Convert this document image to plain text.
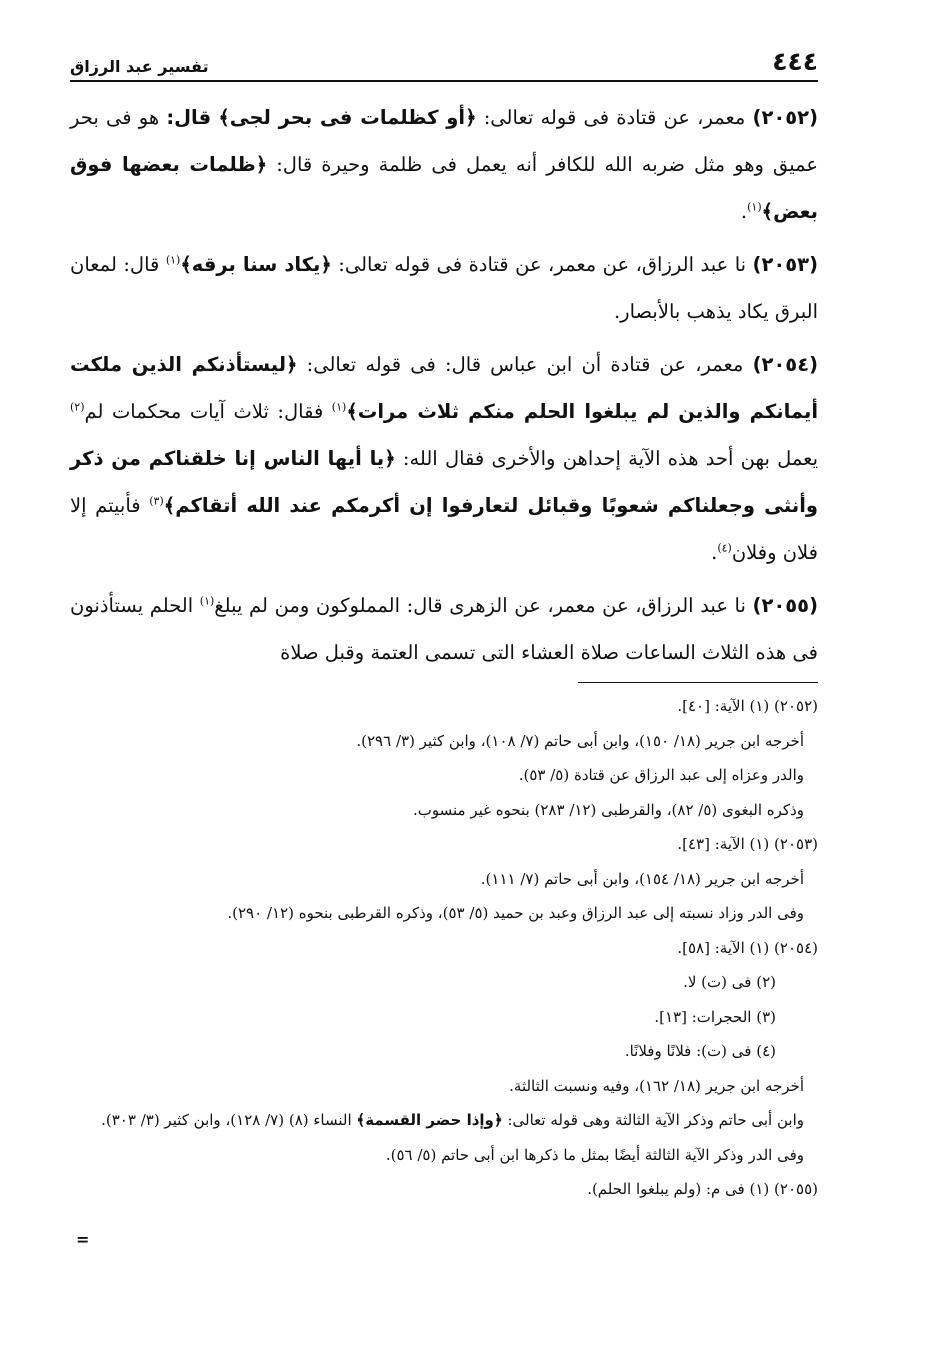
٤٤٤
تفسير عبد الرزاق

(٢٠٥٢) معمر، عن قتادة فى قوله تعالى: ﴿أو كظلمات فى بحر لجى﴾ قال: هو فى بحر عميق وهو مثل ضربه الله للكافر أنه يعمل فى ظلمة وحيرة قال: ﴿ظلمات بعضها فوق بعض﴾$^{(١)}$.

(٢٠٥٣) نا عبد الرزاق، عن معمر، عن قتادة فى قوله تعالى: ﴿يكاد سنا برقه﴾$^{(١)}$ قال: لمعان البرق يكاد يذهب بالأبصار.

(٢٠٥٤) معمر، عن قتادة أن ابن عباس قال: فى قوله تعالى: ﴿ليستأذنكم الذين ملكت أيمانكم والذين لم يبلغوا الحلم منكم ثلاث مرات﴾$^{(١)}$ فقال: ثلاث آيات محكمات لم$^{(٢)}$ يعمل بهن أحد هذه الآية إحداهن والأخرى فقال الله: ﴿يا أيها الناس إنا خلقناكم من ذكر وأنثى وجعلناكم شعوبًا وقبائل لتعارفوا إن أكرمكم عند الله أتقاكم﴾$^{(٣)}$ فأبيتم إلا فلان وفلان$^{(٤)}$.

(٢٠٥٥) نا عبد الرزاق، عن معمر، عن الزهرى قال: المملوكون ومن لم يبلغ$^{(١)}$ الحلم يستأذنون فى هذه الثلاث الساعات صلاة العشاء التى تسمى العتمة وقبل صلاة

(٢٠٥٢) (١) الآية: [٤٠].

أخرجه ابن جرير (١٨/ ١٥٠)، وابن أبى حاتم (٧/ ١٠٨)، وابن كثير (٣/ ٢٩٦).

والدر وعزاه إلى عبد الرزاق عن قتادة (٥/ ٥٣).

وذكره البغوى (٥/ ٨٢)، والقرطبى (١٢/ ٢٨٣) بنحوه غير منسوب.

(٢٠٥٣) (١) الآية: [٤٣].

أخرجه ابن جرير (١٨/ ١٥٤)، وابن أبى حاتم (٧/ ١١١).

وفى الدر وزاد نسبته إلى عبد الرزاق وعبد بن حميد (٥/ ٥٣)، وذكره القرطبى بنحوه (١٢/ ٢٩٠).

(٢٠٥٤) (١) الآية: [٥٨].

(٢) فى (ت) لا.

(٣) الحجرات: [١٣].

(٤) فى (ت): فلانًا وفلانًا.

أخرجه ابن جرير (١٨/ ١٦٢)، وفيه ونسبت الثالثة.

وابن أبى حاتم وذكر الآية الثالثة وهى قوله تعالى: ﴿وإذا حضر القسمة﴾ النساء (٨) (٧/ ١٢٨)، وابن كثير (٣/ ٣٠٣).

وفى الدر وذكر الآية الثالثة أيضًا بمثل ما ذكرها ابن أبى حاتم (٥/ ٥٦).

(٢٠٥٥) (١) فى م: (ولم يبلغوا الحلم).

=
